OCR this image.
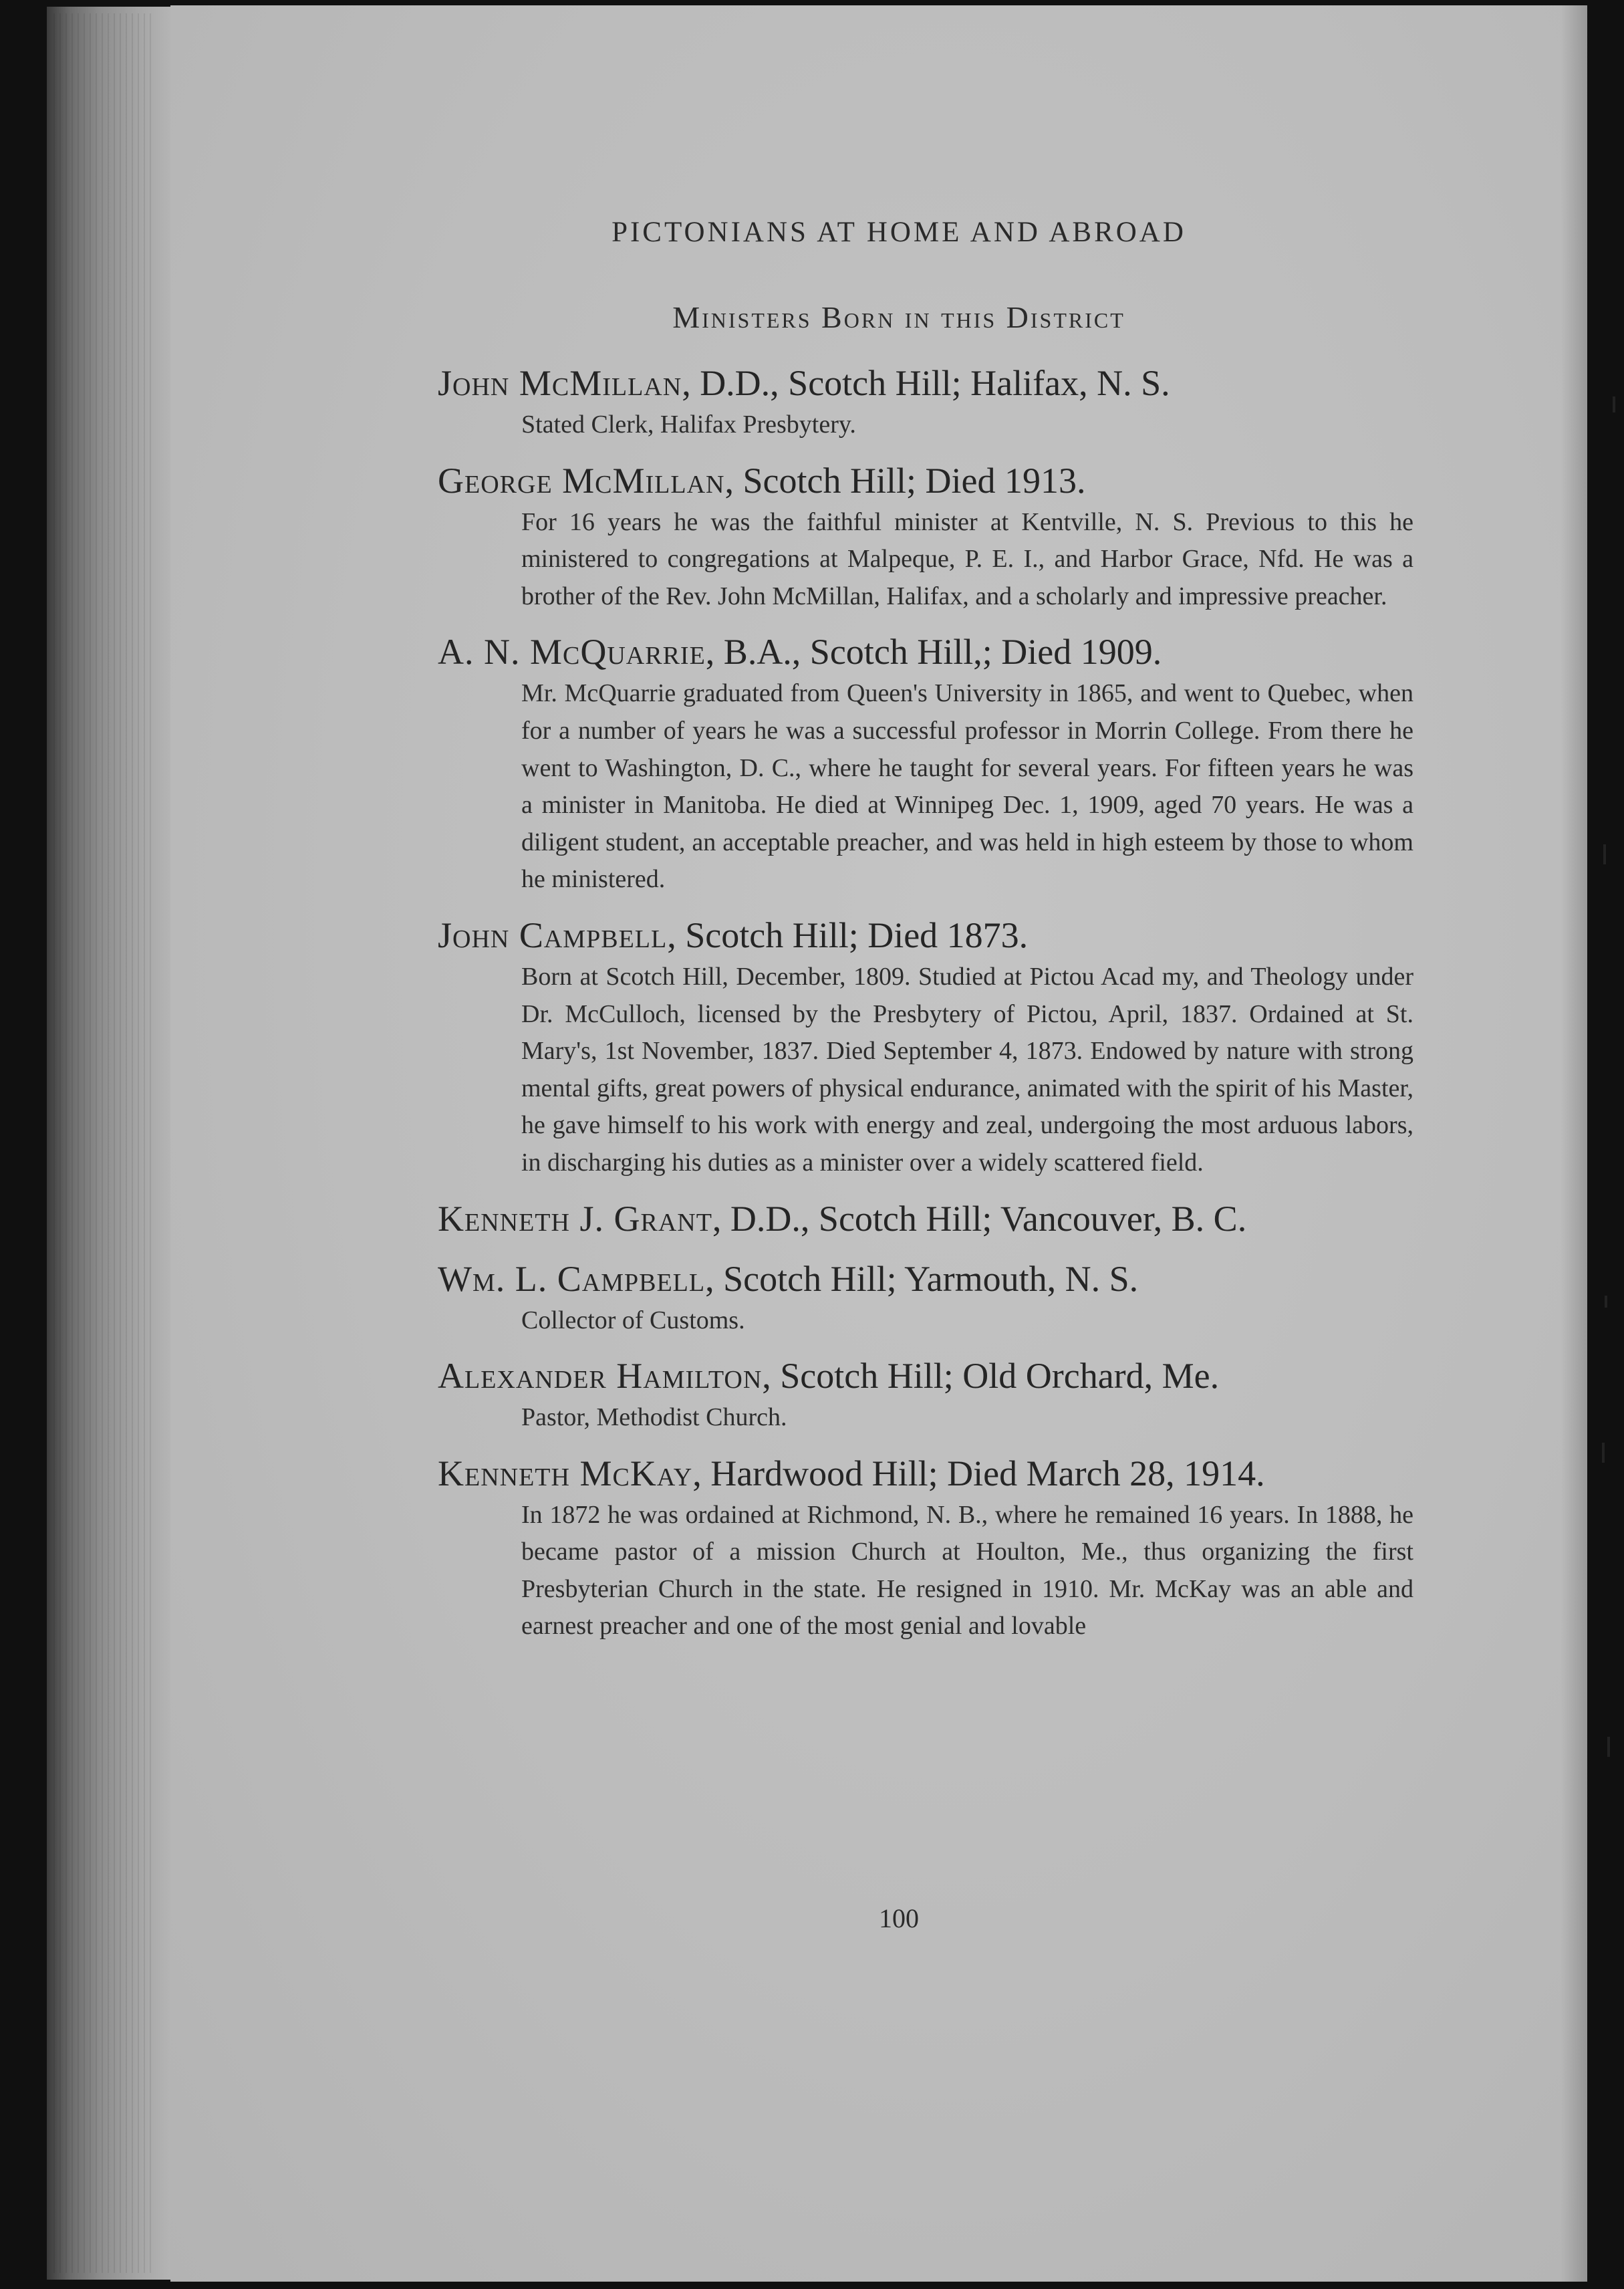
PICTONIANS AT HOME AND ABROAD
Ministers Born in this District
John McMillan, D.D., Scotch Hill; Halifax, N. S.
Stated Clerk, Halifax Presbytery.
George McMillan, Scotch Hill; Died 1913.
For 16 years he was the faithful minister at Kentville, N. S. Previous to this he ministered to congregations at Malpeque, P. E. I., and Harbor Grace, Nfd. He was a brother of the Rev. John McMillan, Halifax, and a scholarly and impressive preacher.
A. N. McQuarrie, B.A., Scotch Hill,; Died 1909.
Mr. McQuarrie graduated from Queen's University in 1865, and went to Quebec, when for a number of years he was a successful professor in Morrin College. From there he went to Washington, D. C., where he taught for several years. For fifteen years he was a minister in Manitoba. He died at Winnipeg Dec. 1, 1909, aged 70 years. He was a diligent student, an acceptable preacher, and was held in high esteem by those to whom he ministered.
John Campbell, Scotch Hill; Died 1873.
Born at Scotch Hill, December, 1809. Studied at Pictou Acad my, and Theology under Dr. McCulloch, licensed by the Presbytery of Pictou, April, 1837. Ordained at St. Mary's, 1st November, 1837. Died September 4, 1873. Endowed by nature with strong mental gifts, great powers of physical endurance, animated with the spirit of his Master, he gave himself to his work with energy and zeal, undergoing the most arduous labors, in discharging his duties as a minister over a widely scattered field.
Kenneth J. Grant, D.D., Scotch Hill; Vancouver, B. C.
Wm. L. Campbell, Scotch Hill; Yarmouth, N. S.
Collector of Customs.
Alexander Hamilton, Scotch Hill; Old Orchard, Me.
Pastor, Methodist Church.
Kenneth McKay, Hardwood Hill; Died March 28, 1914.
In 1872 he was ordained at Richmond, N. B., where he remained 16 years. In 1888, he became pastor of a mission Church at Houlton, Me., thus organizing the first Presbyterian Church in the state. He resigned in 1910. Mr. McKay was an able and earnest preacher and one of the most genial and lovable
100
